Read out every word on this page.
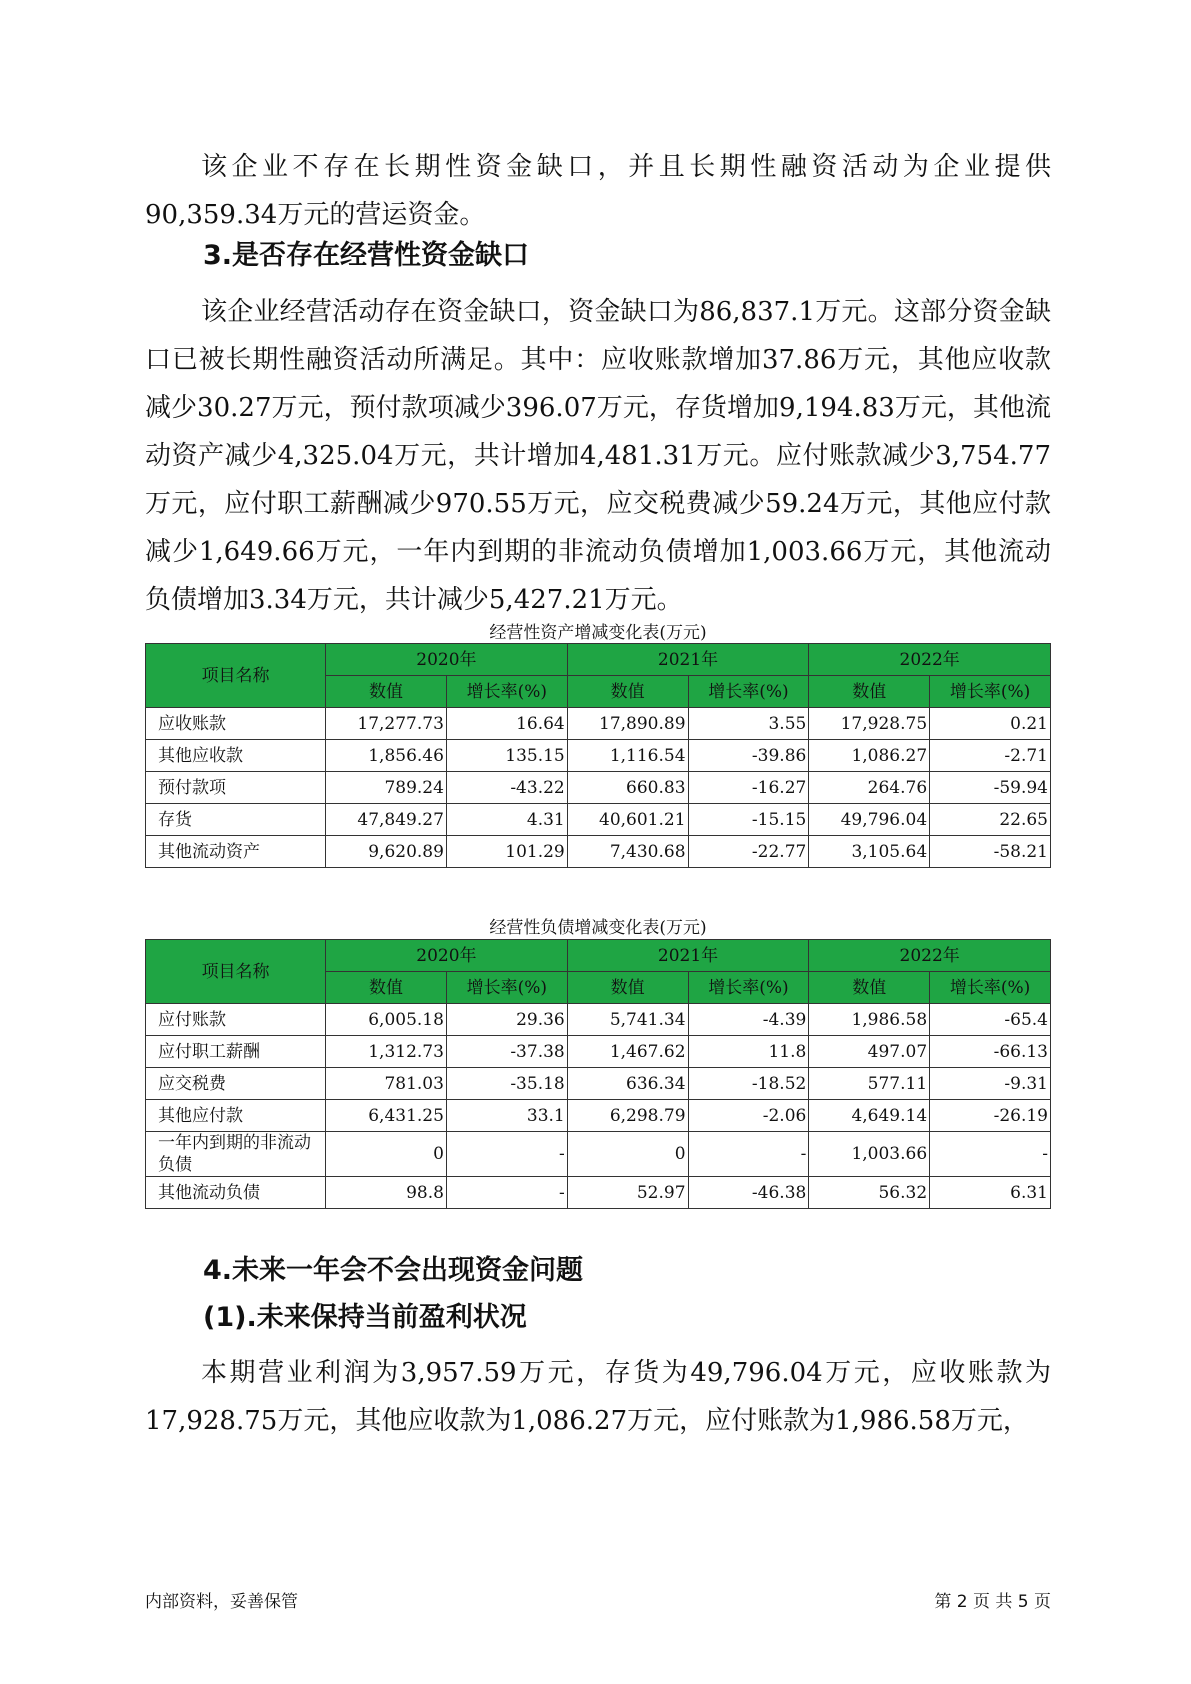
该企业不存在长期性资金缺口，并且长期性融资活动为企业提供90,359.34万元的营运资金。

3.是否存在经营性资金缺口

该企业经营活动存在资金缺口，资金缺口为86,837.1万元。这部分资金缺口已被长期性融资活动所满足。其中：应收账款增加37.86万元，其他应收款减少30.27万元，预付款项减少396.07万元，存货增加9,194.83万元，其他流动资产减少4,325.04万元，共计增加4,481.31万元。应付账款减少3,754.77万元，应付职工薪酬减少970.55万元，应交税费减少59.24万元，其他应付款减少1,649.66万元，一年内到期的非流动负债增加1,003.66万元，其他流动负债增加3.34万元，共计减少5,427.21万元。

经营性资产增减变化表(万元)
项目名称	2020年		2021年		2022年	
	数值	增长率(%)	数值	增长率(%)	数值	增长率(%)
应收账款	17,277.73	16.64	17,890.89	3.55	17,928.75	0.21
其他应收款	1,856.46	135.15	1,116.54	-39.86	1,086.27	-2.71
预付款项	789.24	-43.22	660.83	-16.27	264.76	-59.94
存货	47,849.27	4.31	40,601.21	-15.15	49,796.04	22.65
其他流动资产	9,620.89	101.29	7,430.68	-22.77	3,105.64	-58.21
经营性负债增减变化表(万元)
项目名称	2020年		2021年		2022年	
	数值	增长率(%)	数值	增长率(%)	数值	增长率(%)
应付账款	6,005.18	29.36	5,741.34	-4.39	1,986.58	-65.4
应付职工薪酬	1,312.73	-37.38	1,467.62	11.8	497.07	-66.13
应交税费	781.03	-35.18	636.34	-18.52	577.11	-9.31
其他应付款	6,431.25	33.1	6,298.79	-2.06	4,649.14	-26.19
一年内到期的非流动负债	0	-	0	-	1,003.66	-
其他流动负债	98.8	-	52.97	-46.38	56.32	6.31
4.未来一年会不会出现资金问题
(1).未来保持当前盈利状况

本期营业利润为3,957.59万元，存货为49,796.04万元，应收账款为17,928.75万元，其他应收款为1,086.27万元，应付账款为1,986.58万元，

内部资料，妥善保管	第 2 页 共 5 页
